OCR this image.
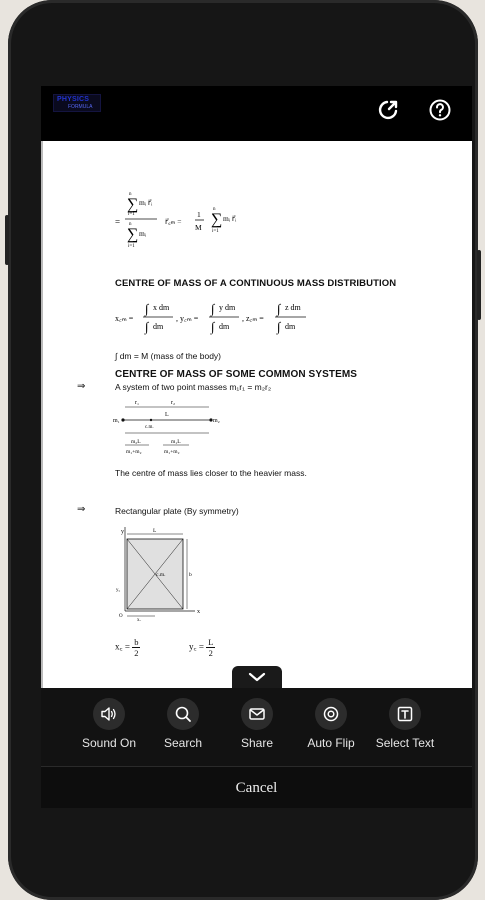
PHYSICS
FORMULA
=
∑ mᵢ r⃗ᵢ
n
i=1
∑ mᵢ
n
i=1
r⃗꜀ₘ =
1
M ∑ mᵢ r⃗ᵢ
n
i=1
CENTRE OF MASS OF A CONTINUOUS MASS DISTRIBUTION
x꜀ₘ =
∫ x dm
∫ dm
, y꜀ₘ =
∫ y dm
∫ dm
, z꜀ₘ =
∫ z dm
∫ dm
∫ dm = M (mass of the body)
CENTRE OF MASS OF SOME COMMON SYSTEMS
⇒	A system of two point masses m₁r₁ = m₂r₂
r₁	r₂
L
m₁	m₂
c.m.
m₂L
m₁+m₂
m₁L
m₁+m₂
The centre of mass lies closer to the heavier mass.
⇒	Rectangular plate (By symmetry)
y
x
O
c.m.
L
b
x꜀
y꜀
x꜀ = $\frac{b}{2}$	y꜀ = $\frac{L}{2}$
Sound On	Search	Share	Auto Flip	Select Text
Cancel
